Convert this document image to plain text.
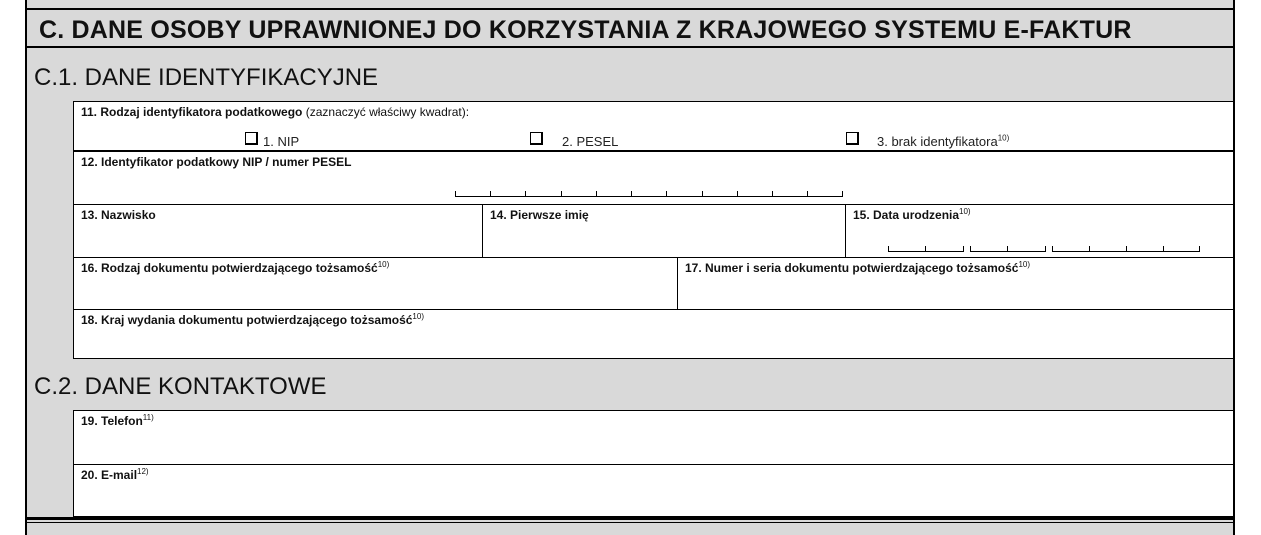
C. DANE OSOBY UPRAWNIONEJ DO KORZYSTANIA Z KRAJOWEGO SYSTEMU E-FAKTUR
C.1. DANE IDENTYFIKACYJNE
11. Rodzaj identyfikatora podatkowego (zaznaczyć właściwy kwadrat):
1. NIP	2. PESEL	3. brak identyfikatora$^{10)}$
12. Identyfikator podatkowy NIP / numer PESEL
13. Nazwisko	14. Pierwsze imię	15. Data urodzenia$^{10)}$
16. Rodzaj dokumentu potwierdzającego tożsamość$^{10)}$	17. Numer i seria dokumentu potwierdzającego tożsamość$^{10)}$
18. Kraj wydania dokumentu potwierdzającego tożsamość$^{10)}$
C.2. DANE KONTAKTOWE
19. Telefon$^{11)}$
20. E-mail$^{12)}$
